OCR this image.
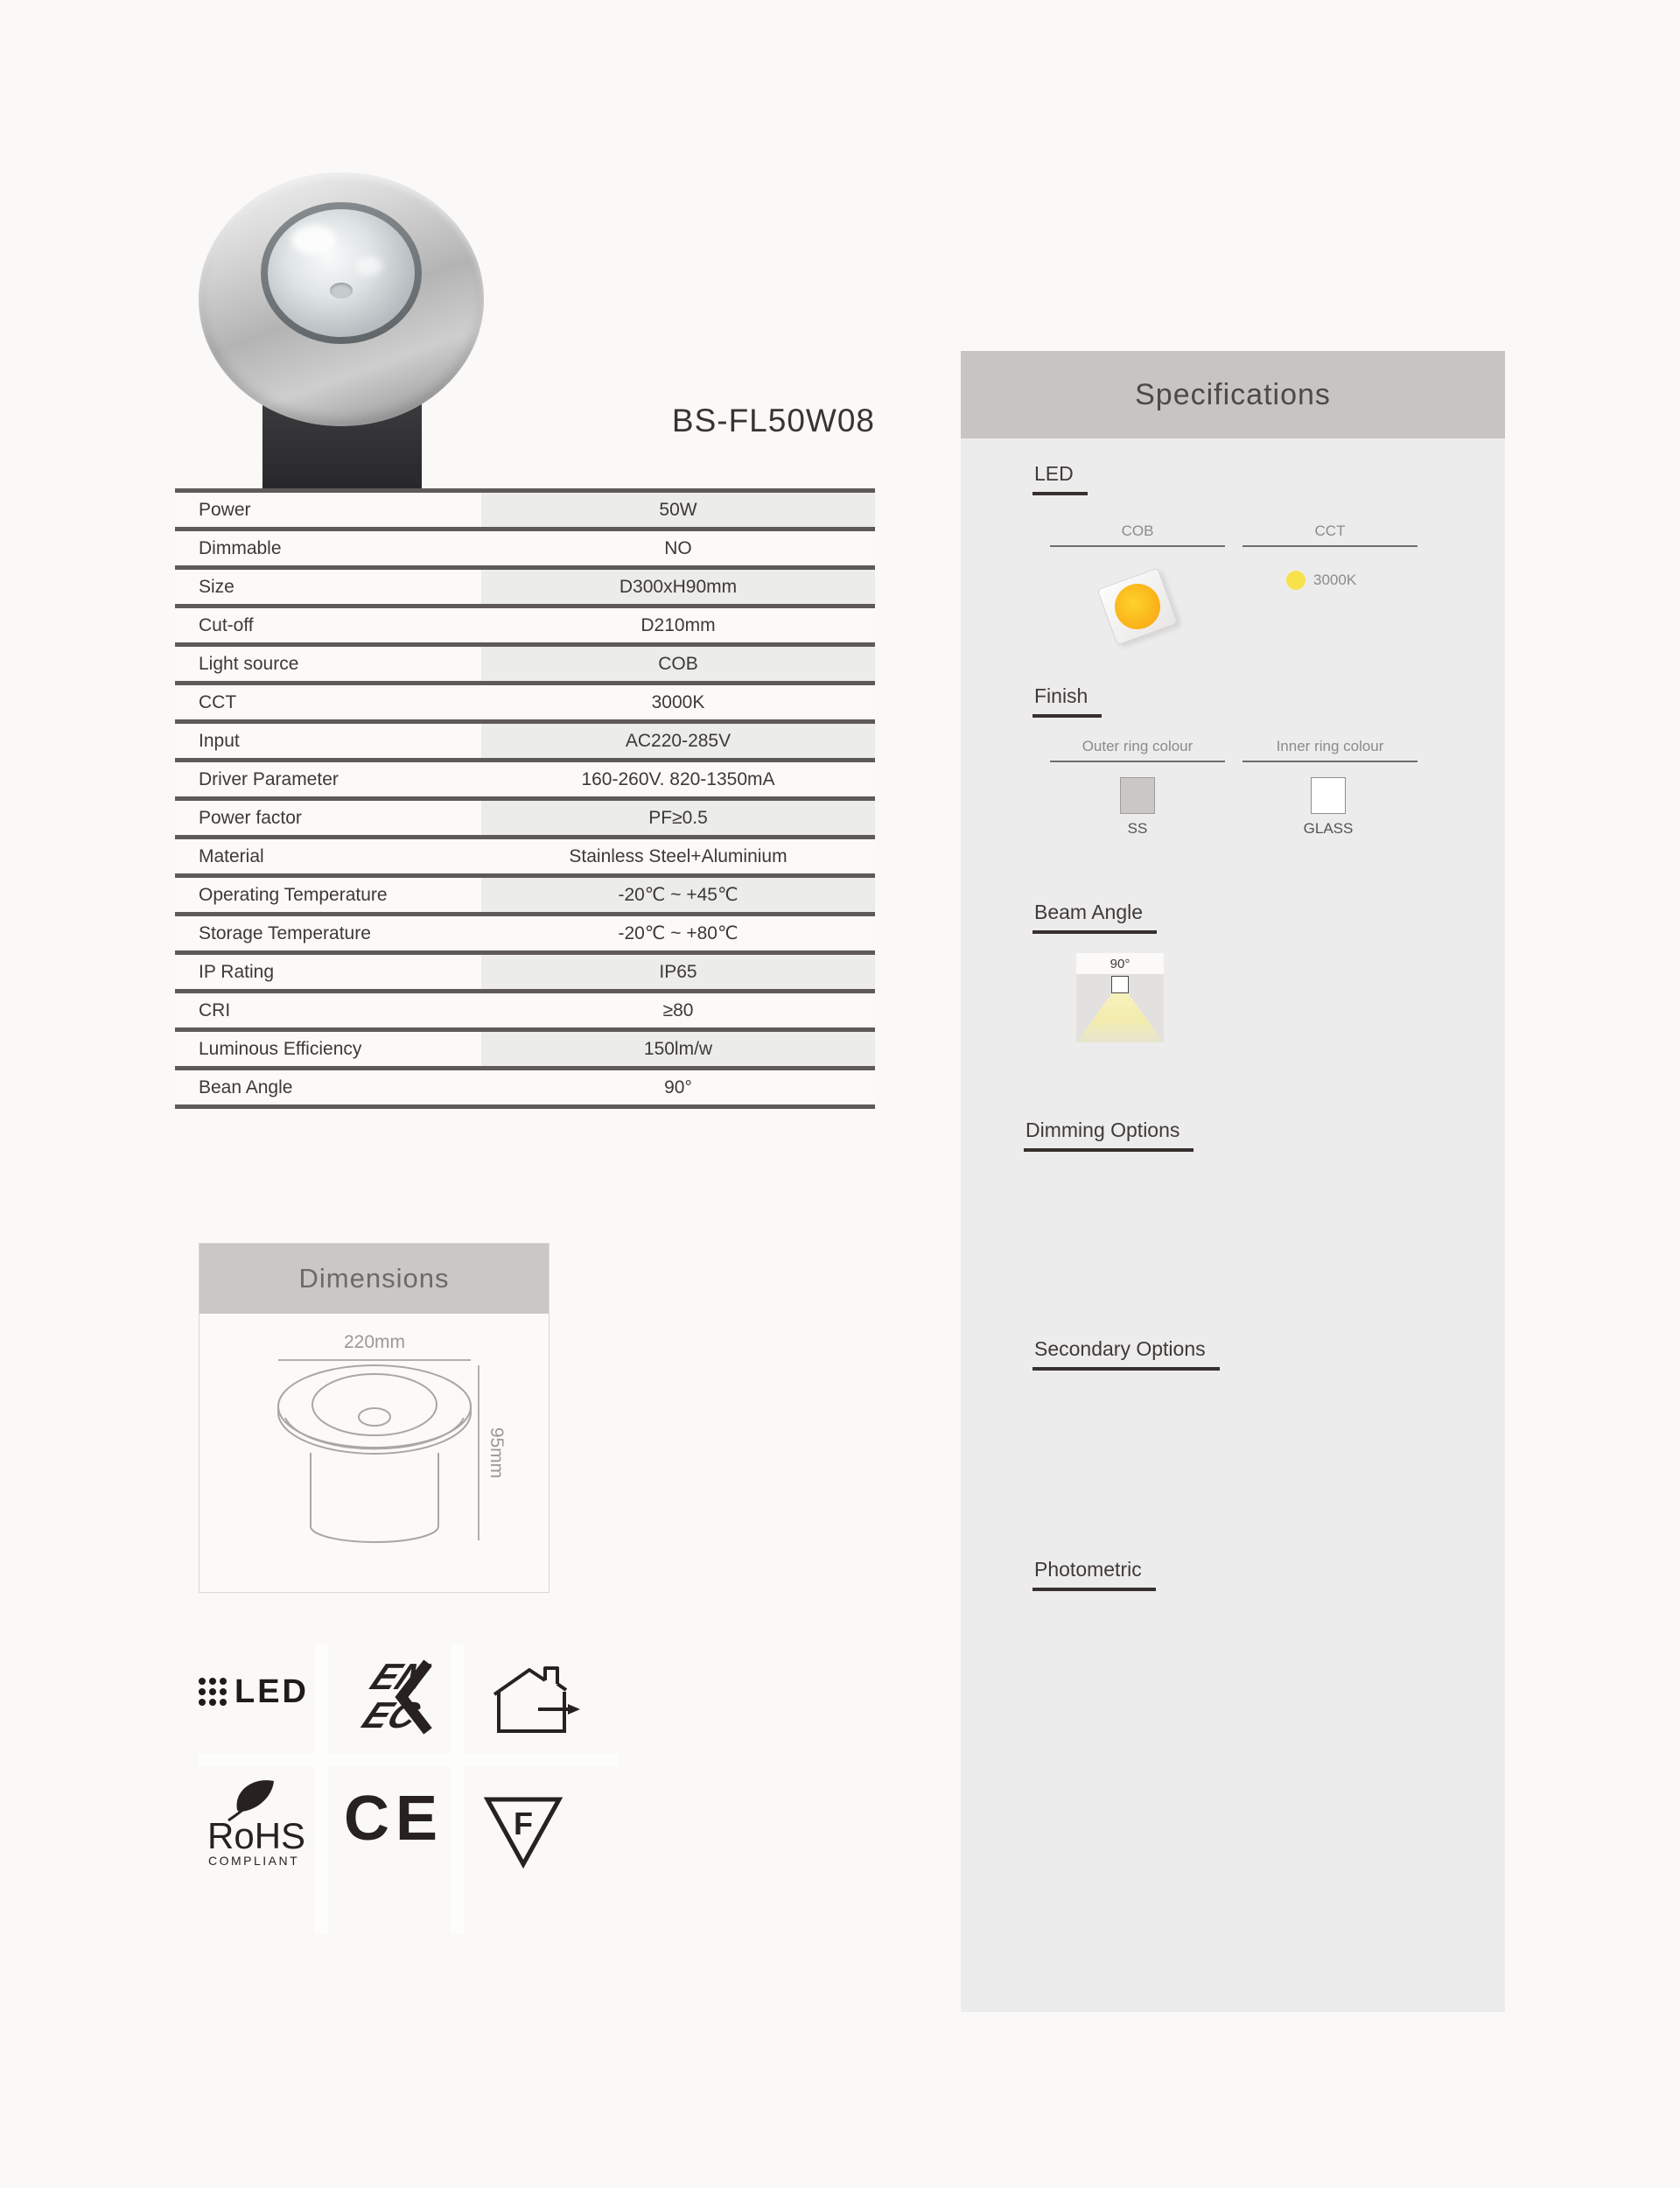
BS-FL50W08
Power	50W
Dimmable	NO
Size	D300xH90mm
Cut-off	D210mm
Light source	COB
CCT	3000K
Input	AC220-285V
Driver Parameter	160-260V. 820-1350mA
Power factor	PF≥0.5
Material	Stainless Steel+Aluminium
Operating Temperature	-20℃ ~ +45℃
Storage Temperature	-20℃ ~ +80℃
IP Rating	IP65
CRI	≥80
Luminous Efficiency	150lm/w
Bean Angle	90°
Dimensions
220mm
95mm
LED EN
EC
RoHS
COMPLIANT
CE F
Specifications
LED
COB	CCT
3000K
Finish
Outer ring colour	Inner ring colour
SS	GLASS
Beam Angle
90°
Dimming Options
Secondary Options
Photometric
